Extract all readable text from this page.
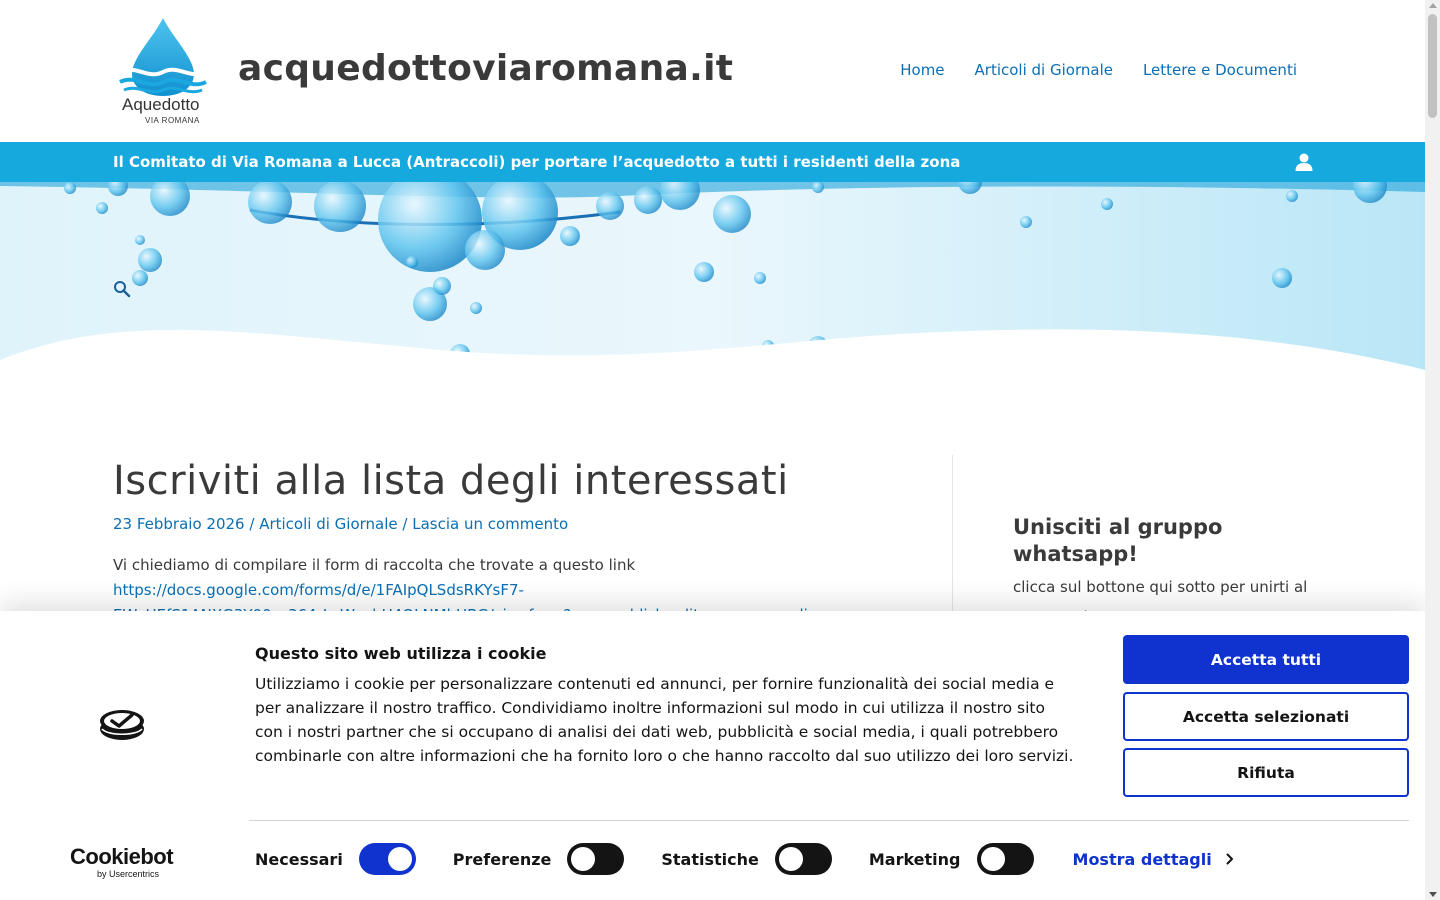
Aquedotto
VIA ROMANA
acquedottoviaromana.it	Home Articoli di Giornale Lettere e Documenti
Il Comitato di Via Romana a Lucca (Antraccoli) per portare l’acquedotto a tutti i residenti della zona
Iscriviti alla lista degli interessati
23 Febbraio 2026 / Articoli di Giornale / Lascia un commento

Vi chiediamo di compilare il form di raccolta che trovate a questo link

https://docs.google.com/forms/d/e/1FAIpQLSdsRKYsF7-
Unisciti al gruppo whatsapp!

clicca sul bottone qui sotto per unirti al

Questo sito web utilizza i cookie
Utilizziamo i cookie per personalizzare contenuti ed annunci, per fornire funzionalità dei social media e per analizzare il nostro traffico. Condividiamo inoltre informazioni sul modo in cui utilizza il nostro sito con i nostri partner che si occupano di analisi dei dati web, pubblicità e social media, i quali potrebbero combinarle con altre informazioni che ha fornito loro o che hanno raccolto dal suo utilizzo dei loro servizi.
Accetta tutti
Accetta selezionati
Rifiuta
Cookiebot
by Usercentrics
Necessari	Preferenze	Statistiche	Marketing	Mostra dettagli
